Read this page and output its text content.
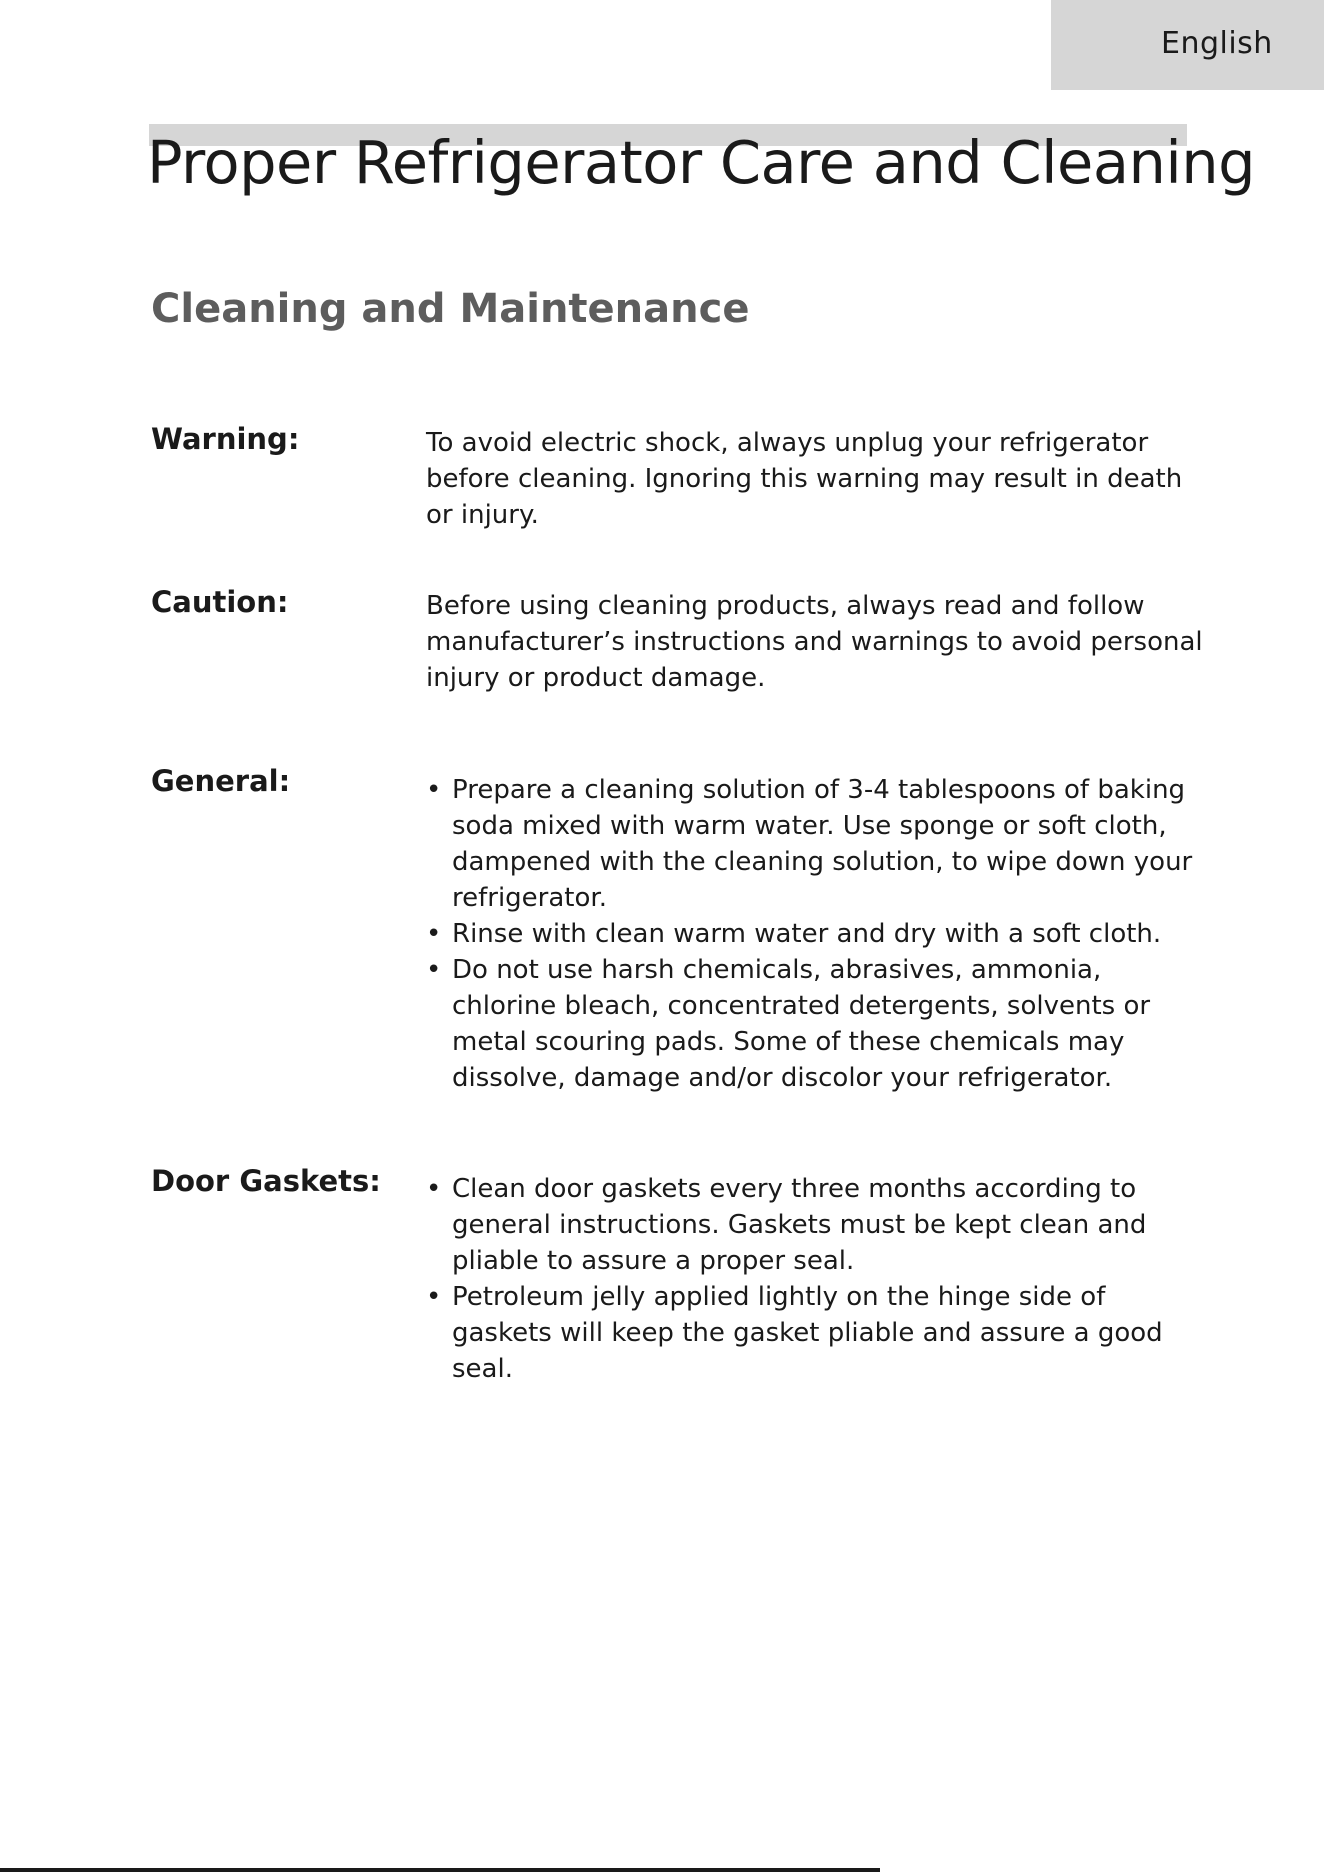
English
Proper Refrigerator Care and Cleaning
Cleaning and Maintenance
Warning:	To avoid electric shock, always unplug your refrigerator before cleaning. Ignoring this warning may result in death or injury.

Caution:	Before using cleaning products, always read and follow manufacturer’s instructions and warnings to avoid personal injury or product damage.

General:	• Prepare a cleaning solution of 3-4 tablespoons of baking soda mixed with warm water. Use sponge or soft cloth, dampened with the cleaning solution, to wipe down your refrigerator.
• Rinse with clean warm water and dry with a soft cloth.
• Do not use harsh chemicals, abrasives, ammonia, chlorine bleach, concentrated detergents, solvents or metal scouring pads. Some of these chemicals may dissolve, damage and/or discolor your refrigerator.
Door Gaskets: • Clean door gaskets every three months according to general instructions. Gaskets must be kept clean and pliable to assure a proper seal.
• Petroleum jelly applied lightly on the hinge side of gaskets will keep the gasket pliable and assure a good seal.
